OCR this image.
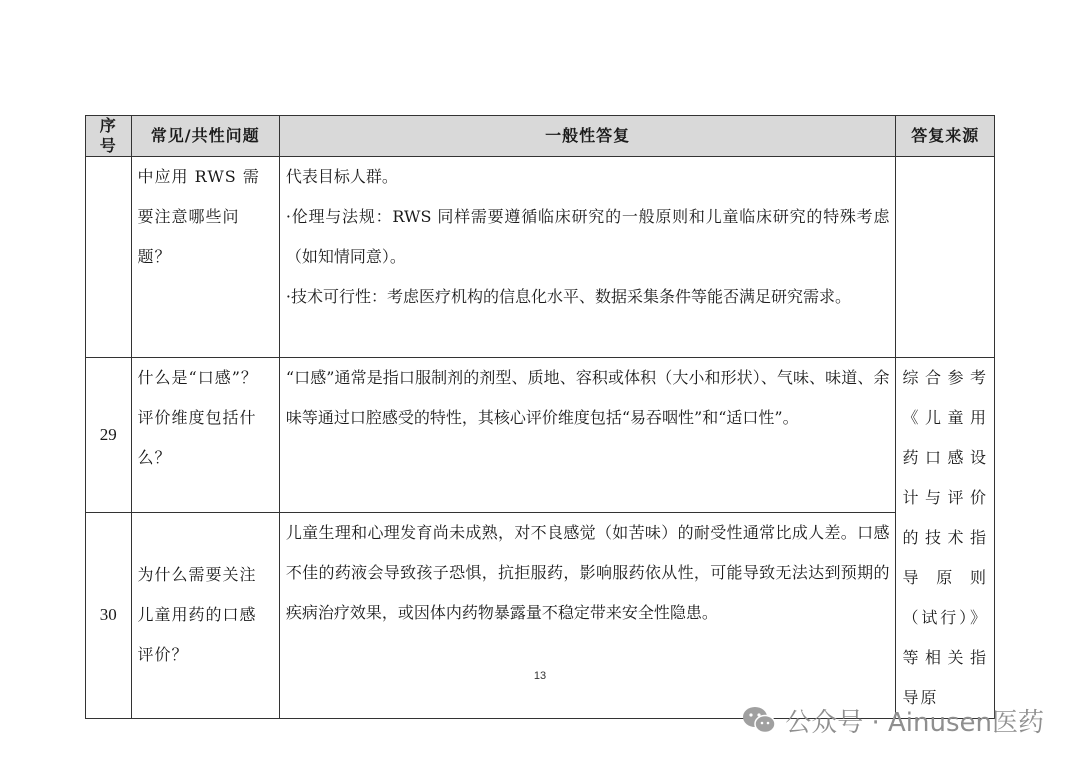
序号	常见/共性问题	一般性答复	答复来源
	中应用 RWS 需要注意哪些问题？	代表目标人群。
·伦理与法规：RWS 同样需要遵循临床研究的一般原则和儿童临床研究的特殊考虑（如知情同意）。
·技术可行性：考虑医疗机构的信息化水平、数据采集条件等能否满足研究需求。	

29	什么是“口感”？评价维度包括什么？	“口感”通常是指口服制剂的剂型、质地、容积或体积（大小和形状）、气味、味道、余味等通过口腔感受的特性，其核心评价维度包括“易吞咽性”和“适口性”。	综合参考《儿童用药口感设计与评价的技术指导原则（试行）》等相关指导原
30	为什么需要关注儿童用药的口感评价？	儿童生理和心理发育尚未成熟，对不良感觉（如苦味）的耐受性通常比成人差。口感不佳的药液会导致孩子恐惧，抗拒服药，影响服药依从性，可能导致无法达到预期的疾病治疗效果，或因体内药物暴露量不稳定带来安全性隐患。	
13
公众号 · Ainusen医药
